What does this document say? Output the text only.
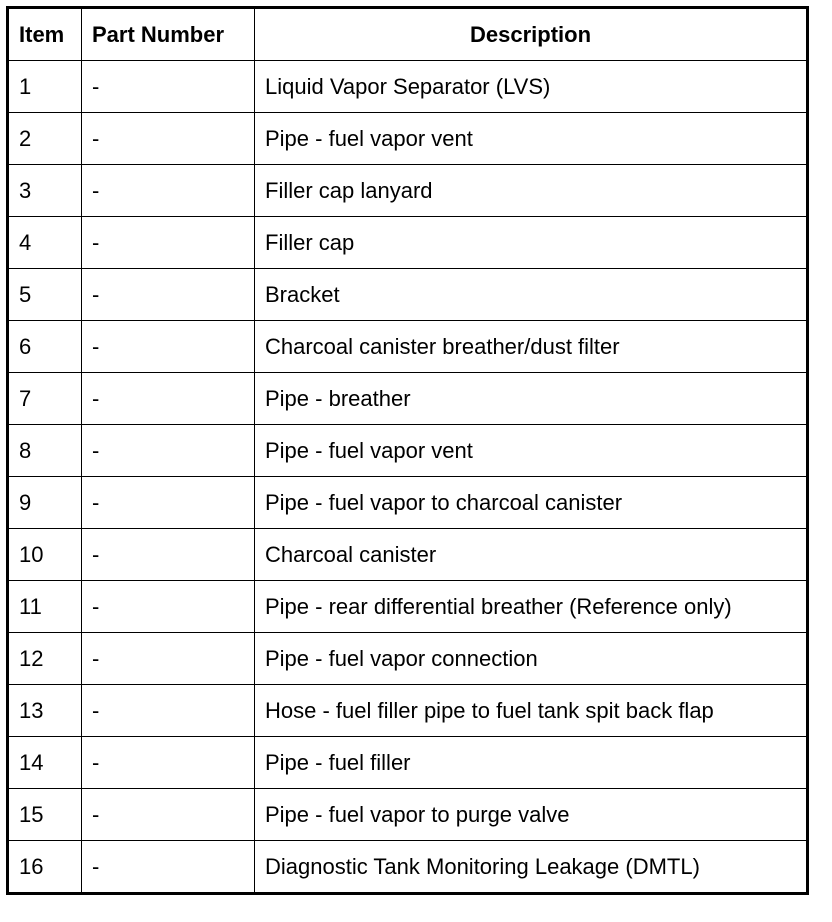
Item	Part Number	Description
1	-	Liquid Vapor Separator (LVS)
2	-	Pipe - fuel vapor vent
3	-	Filler cap lanyard
4	-	Filler cap
5	-	Bracket
6	-	Charcoal canister breather/dust filter
7	-	Pipe - breather
8	-	Pipe - fuel vapor vent
9	-	Pipe - fuel vapor to charcoal canister
10	-	Charcoal canister
11	-	Pipe - rear differential breather (Reference only)
12	-	Pipe - fuel vapor connection
13	-	Hose - fuel filler pipe to fuel tank spit back flap
14	-	Pipe - fuel filler
15	-	Pipe - fuel vapor to purge valve
16	-	Diagnostic Tank Monitoring Leakage (DMTL)
